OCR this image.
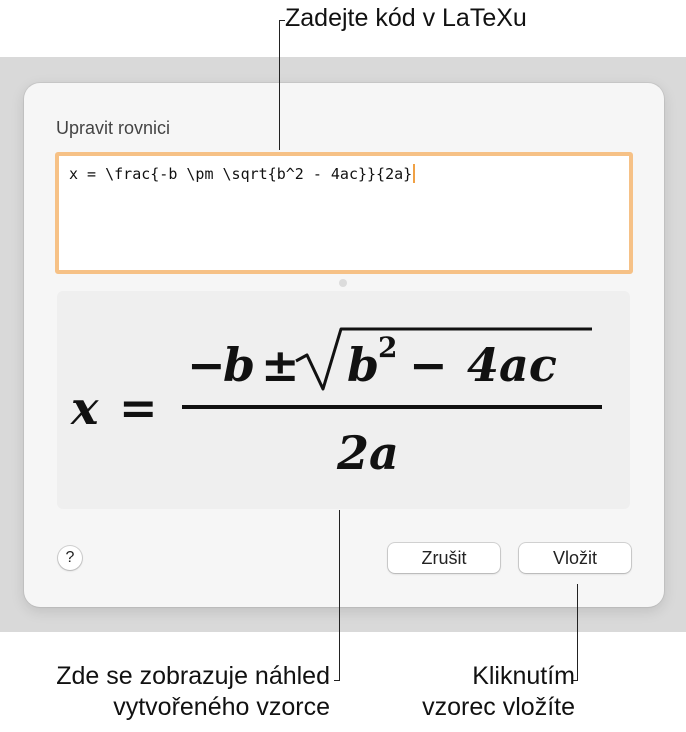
Upravit rovnici
x = \frac{-b \pm \sqrt{b^2 - 4ac}}{2a}
x =
−
b ± b
2 − 4ac
2a
?	Zrušit	Vložit
Zadejte kód v LaTeXu
Zde se zobrazuje náhled
vytvořeného vzorce
Kliknutím
vzorec vložíte
